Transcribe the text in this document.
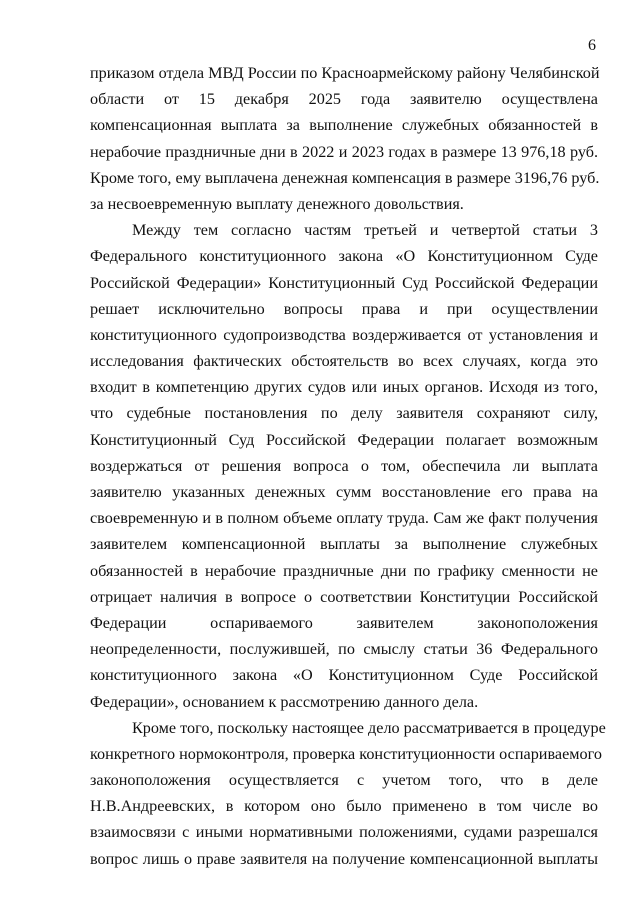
6
приказом отдела МВД России по Красноармейскому району Челябинской
области от 15 декабря 2025 года заявителю осуществлена
компенсационная выплата за выполнение служебных обязанностей в
нерабочие праздничные дни в 2022 и 2023 годах в размере 13 976,18 руб.
Кроме того, ему выплачена денежная компенсация в размере 3196,76 руб.
за несвоевременную выплату денежного довольствия.
Между тем согласно частям третьей и четвертой статьи 3
Федерального конституционного закона «О Конституционном Суде
Российской Федерации» Конституционный Суд Российской Федерации
решает исключительно вопросы права и при осуществлении
конституционного судопроизводства воздерживается от установления и
исследования фактических обстоятельств во всех случаях, когда это
входит в компетенцию других судов или иных органов. Исходя из того,
что судебные постановления по делу заявителя сохраняют силу,
Конституционный Суд Российской Федерации полагает возможным
воздержаться от решения вопроса о том, обеспечила ли выплата
заявителю указанных денежных сумм восстановление его права на
своевременную и в полном объеме оплату труда. Сам же факт получения
заявителем компенсационной выплаты за выполнение служебных
обязанностей в нерабочие праздничные дни по графику сменности не
отрицает наличия в вопросе о соответствии Конституции Российской
Федерации оспариваемого заявителем законоположения
неопределенности, послужившей, по смыслу статьи 36 Федерального
конституционного закона «О Конституционном Суде Российской
Федерации», основанием к рассмотрению данного дела.
Кроме того, поскольку настоящее дело рассматривается в процедуре
конкретного нормоконтроля, проверка конституционности оспариваемого
законоположения осуществляется с учетом того, что в деле
Н.В.Андреевских, в котором оно было применено в том числе во
взаимосвязи с иными нормативными положениями, судами разрешался
вопрос лишь о праве заявителя на получение компенсационной выплаты
